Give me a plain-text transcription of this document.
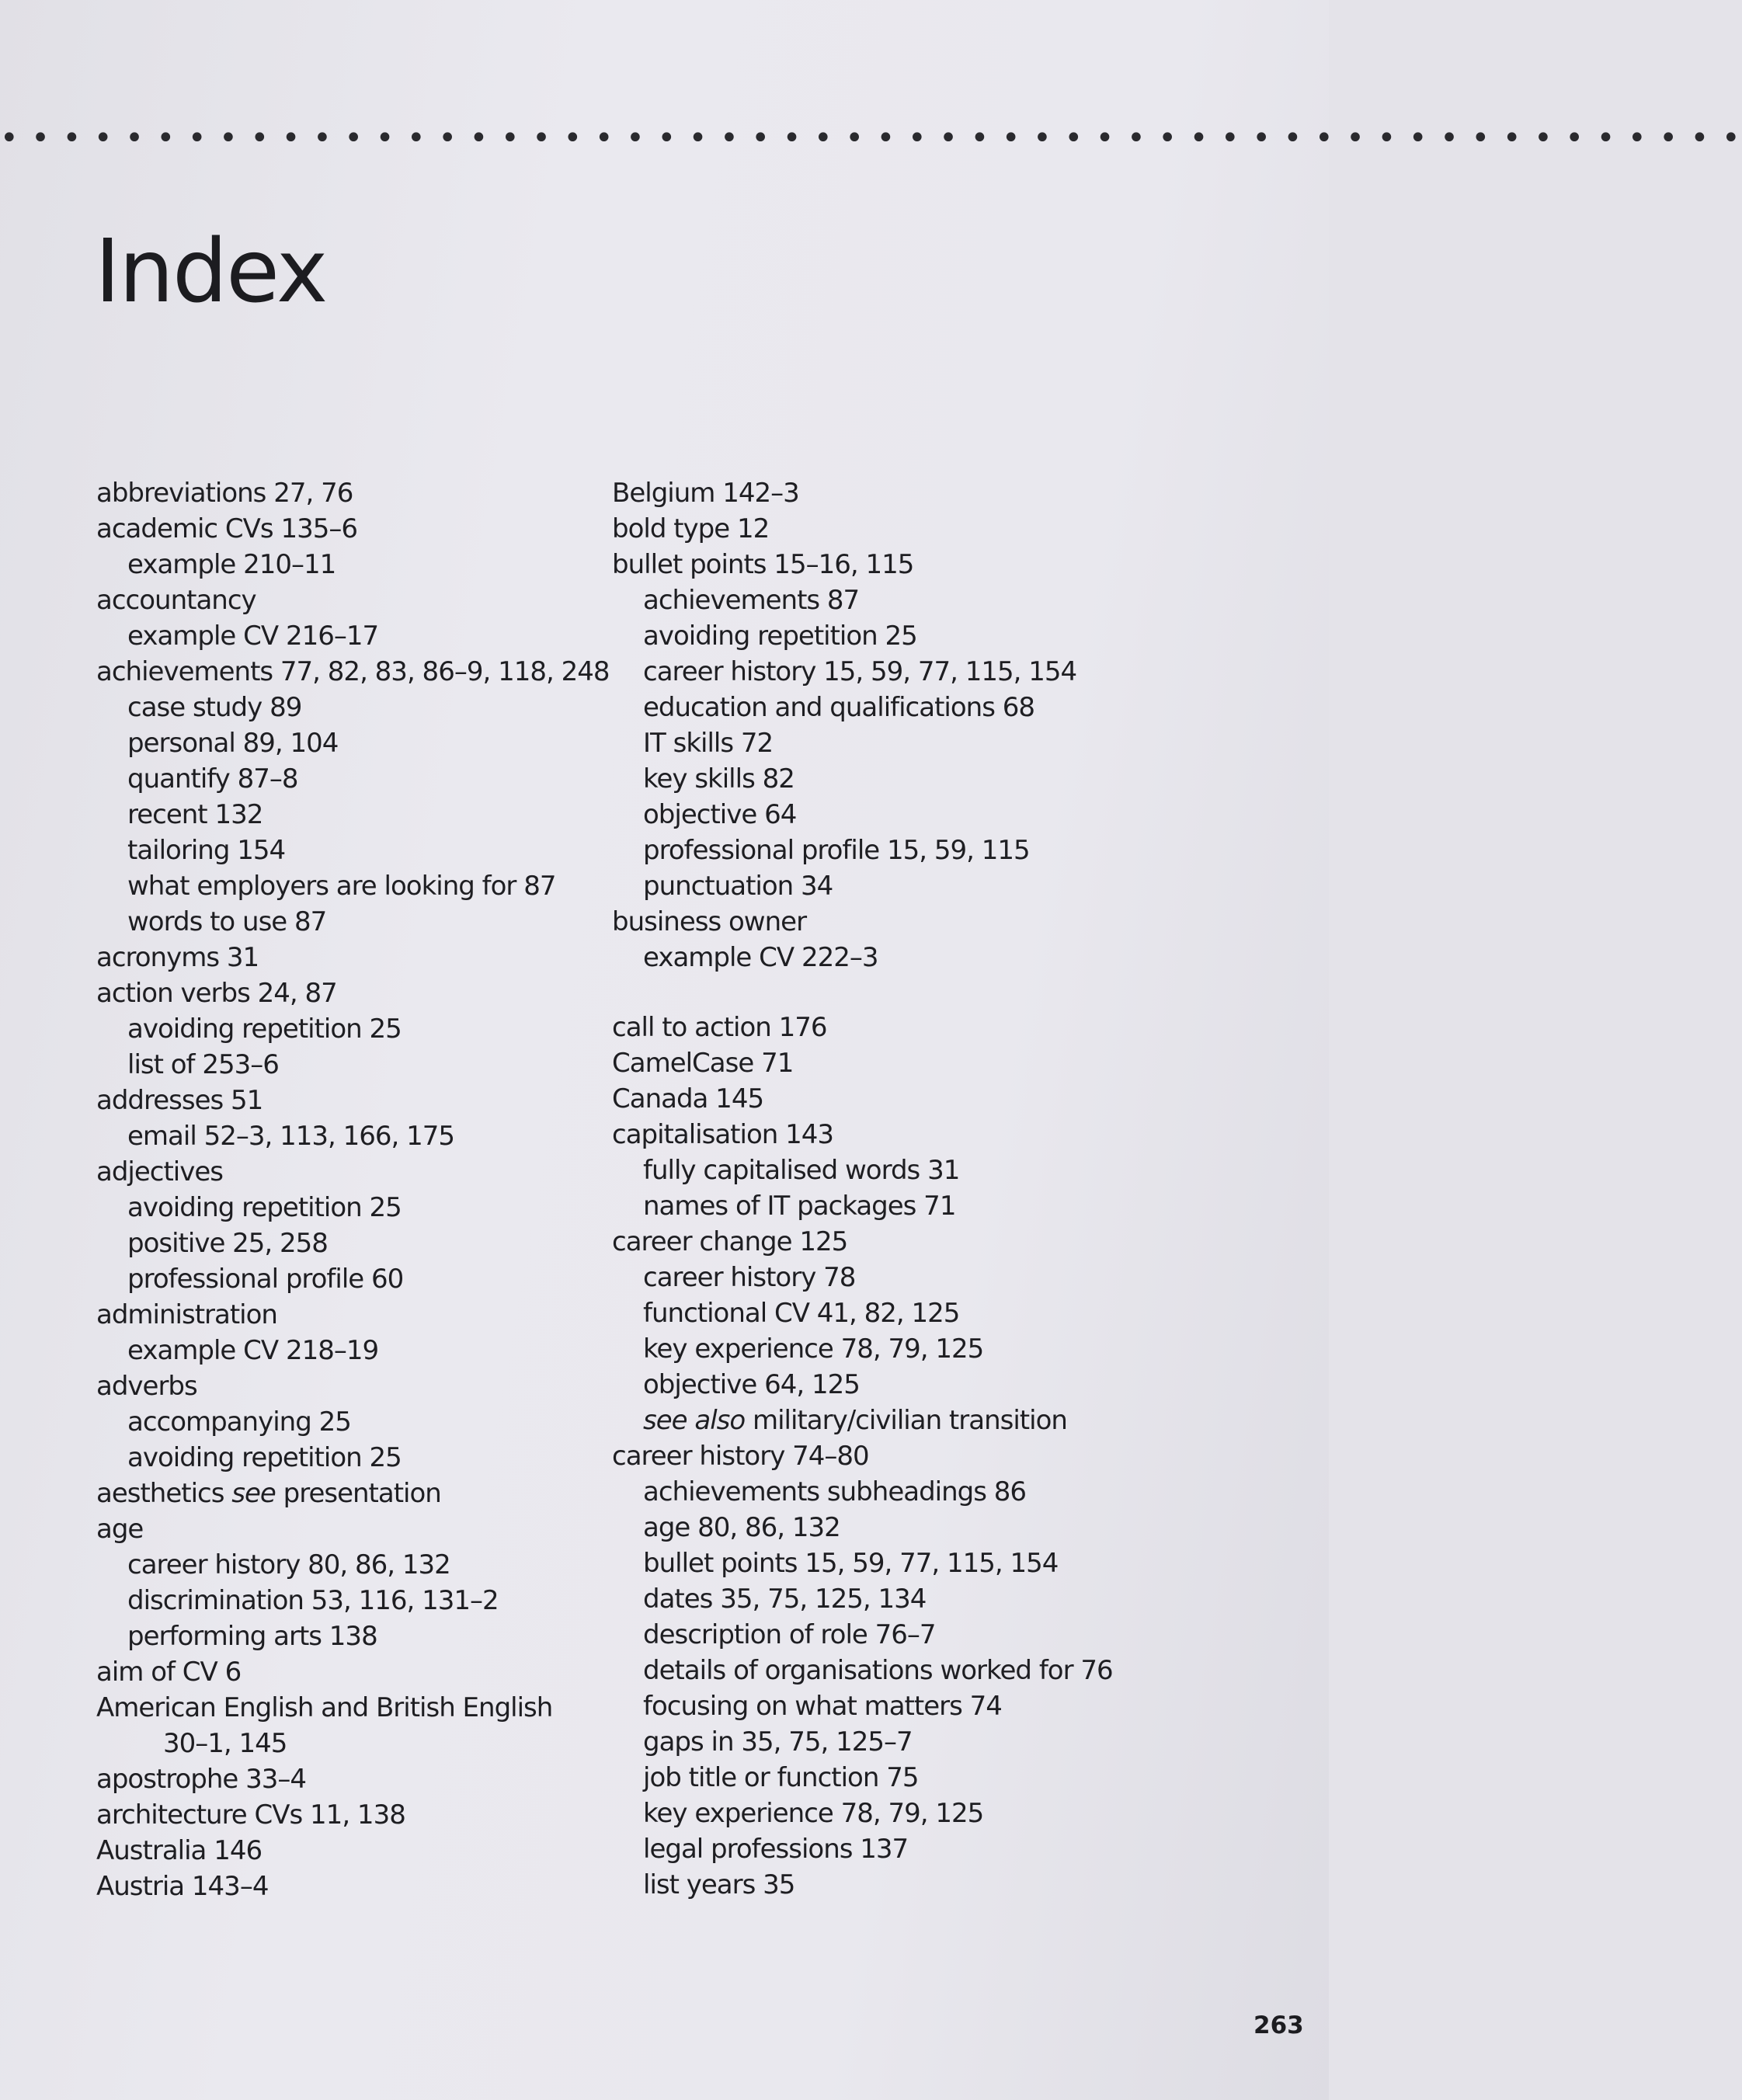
• • • • • • • • • • • • • • • • • • • • • • • • • • • • • • • • • • • • • • • • • • • • • • • • • • • • • • • •
Index
abbreviations 27, 76
academic CVs 135–6
example 210–11
accountancy
example CV 216–17
achievements 77, 82, 83, 86–9, 118, 248
case study 89
personal 89, 104
quantify 87–8
recent 132
tailoring 154
what employers are looking for 87
words to use 87
acronyms 31
action verbs 24, 87
avoiding repetition 25
list of 253–6
addresses 51
email 52–3, 113, 166, 175
adjectives
avoiding repetition 25
positive 25, 258
professional profile 60
administration
example CV 218–19
adverbs
accompanying 25
avoiding repetition 25
aesthetics see presentation
age
career history 80, 86, 132
discrimination 53, 116, 131–2
performing arts 138
aim of CV 6
American English and British English
30–1, 145
apostrophe 33–4
architecture CVs 11, 138
Australia 146
Austria 143–4
Belgium 142–3
bold type 12
bullet points 15–16, 115
achievements 87
avoiding repetition 25
career history 15, 59, 77, 115, 154
education and qualifications 68
IT skills 72
key skills 82
objective 64
professional profile 15, 59, 115
punctuation 34
business owner
example CV 222–3
call to action 176
CamelCase 71
Canada 145
capitalisation 143
fully capitalised words 31
names of IT packages 71
career change 125
career history 78
functional CV 41, 82, 125
key experience 78, 79, 125
objective 64, 125
see also military/civilian transition
career history 74–80
achievements subheadings 86
age 80, 86, 132
bullet points 15, 59, 77, 115, 154
dates 35, 75, 125, 134
description of role 76–7
details of organisations worked for 76
focusing on what matters 74
gaps in 35, 75, 125–7
job title or function 75
key experience 78, 79, 125
legal professions 137
list years 35
263
